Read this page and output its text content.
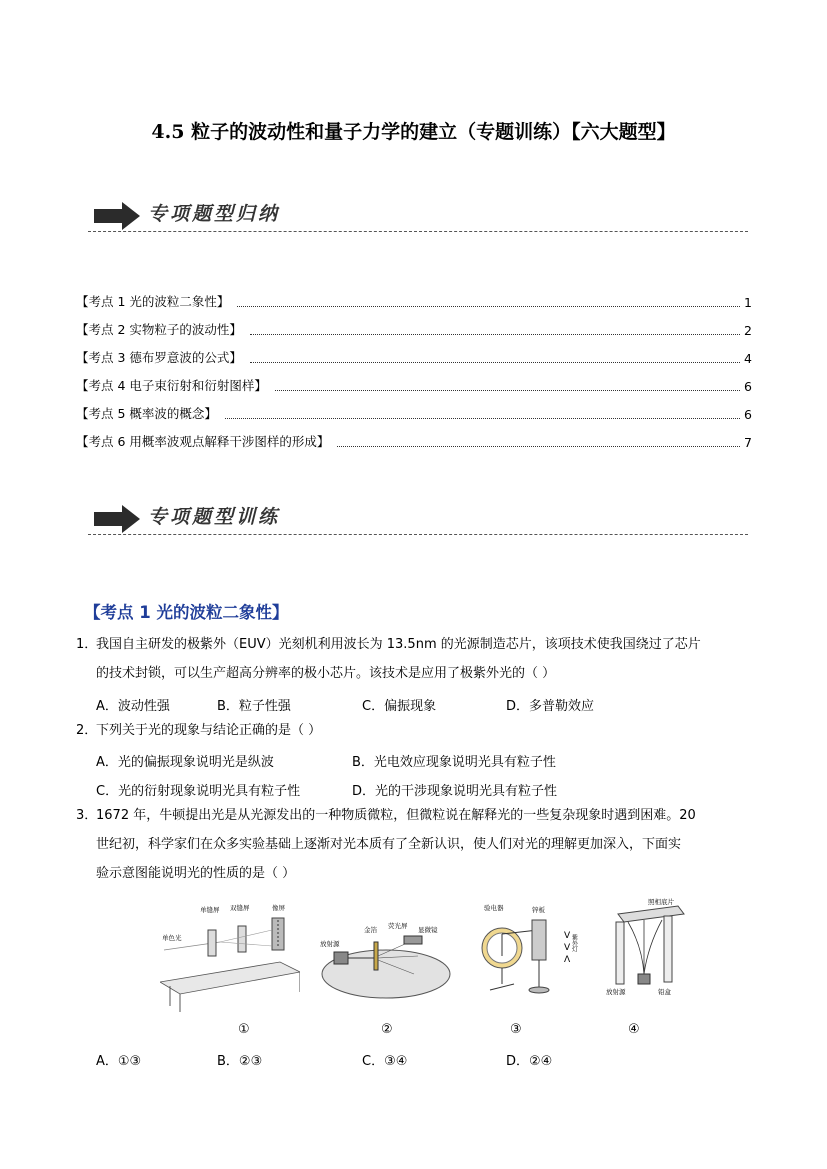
4.5 粒子的波动性和量子力学的建立（专题训练）【六大题型】
专项题型归纳
【考点 1 光的波粒二象性】	1
【考点 2 实物粒子的波动性】	2
【考点 3 德布罗意波的公式】	4
【考点 4 电子束衍射和衍射图样】	6
【考点 5 概率波的概念】	6
【考点 6 用概率波观点解释干涉图样的形成】	7
专项题型训练
【考点 1 光的波粒二象性】
1．
我国自主研发的极紫外（EUV）光刻机利用波长为 13.5nm 的光源制造芯片，该项技术使我国绕过了芯片
的技术封锁，可以生产超高分辨率的极小芯片。该技术是应用了极紫外光的（ ）
A．波动性强	B．粒子性强	C．偏振现象	D．多普勒效应
2．
下列关于光的现象与结论正确的是（ ）
A．光的偏振现象说明光是纵波	B．光电效应现象说明光具有粒子性
C．光的衍射现象说明光具有粒子性	D．光的干涉现象说明光具有粒子性
3．
1672 年，牛顿提出光是从光源发出的一种物质微粒，但微粒说在解释光的一些复杂现象时遇到困难。20
世纪初，科学家们在众多实验基础上逐渐对光本质有了全新认识，使人们对光的理解更加深入，下面实
验示意图能说明光的性质的是（ ）
单色光
单缝屏 双缝屏	像屏
放射源
金箔 荧光屏 显微镜
V
V
Λ
验电器	锌板
紫外灯
照相底片
放射源	铅盒
①	②	③	④
A．①③	B．②③	C．③④	D．②④
